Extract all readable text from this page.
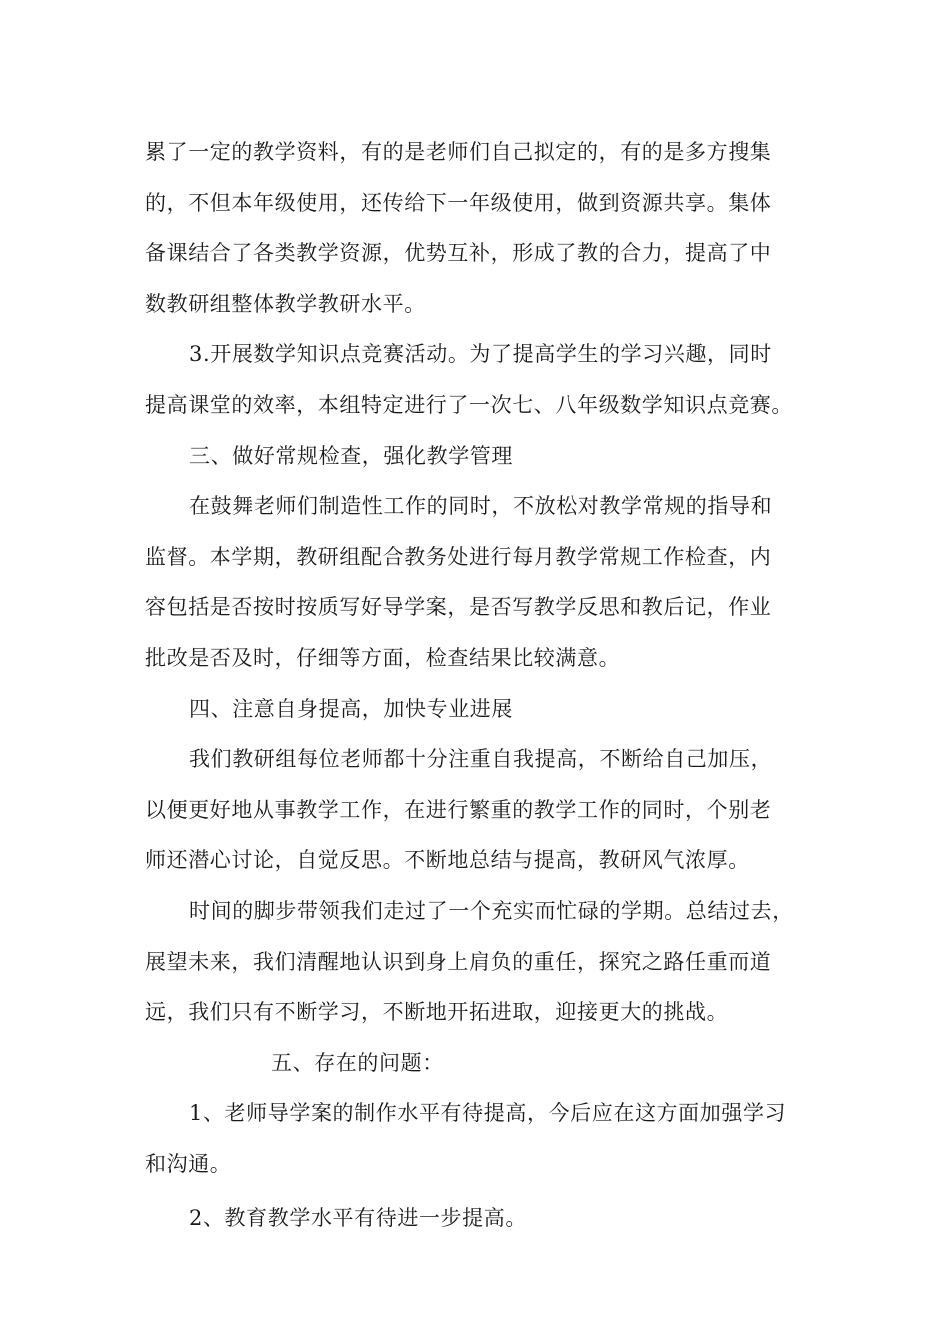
累了一定的教学资料，有的是老师们自己拟定的，有的是多方搜集
的，不但本年级使用，还传给下一年级使用，做到资源共享。集体
备课结合了各类教学资源，优势互补，形成了教的合力，提高了中
数教研组整体教学教研水平。
3.开展数学知识点竞赛活动。为了提高学生的学习兴趣，同时
提高课堂的效率，本组特定进行了一次七、八年级数学知识点竞赛。
三、做好常规检查，强化教学管理
在鼓舞老师们制造性工作的同时，不放松对教学常规的指导和
监督。本学期，教研组配合教务处进行每月教学常规工作检查，内
容包括是否按时按质写好导学案，是否写教学反思和教后记，作业
批改是否及时，仔细等方面，检查结果比较满意。
四、注意自身提高，加快专业进展
我们教研组每位老师都十分注重自我提高，不断给自己加压，
以便更好地从事教学工作，在进行繁重的教学工作的同时，个别老
师还潜心讨论，自觉反思。不断地总结与提高，教研风气浓厚。
时间的脚步带领我们走过了一个充实而忙碌的学期。总结过去，
展望未来，我们清醒地认识到身上肩负的重任，探究之路任重而道
远，我们只有不断学习，不断地开拓进取，迎接更大的挑战。
五、存在的问题：
1、老师导学案的制作水平有待提高，今后应在这方面加强学习
和沟通。
2、教育教学水平有待进一步提高。
